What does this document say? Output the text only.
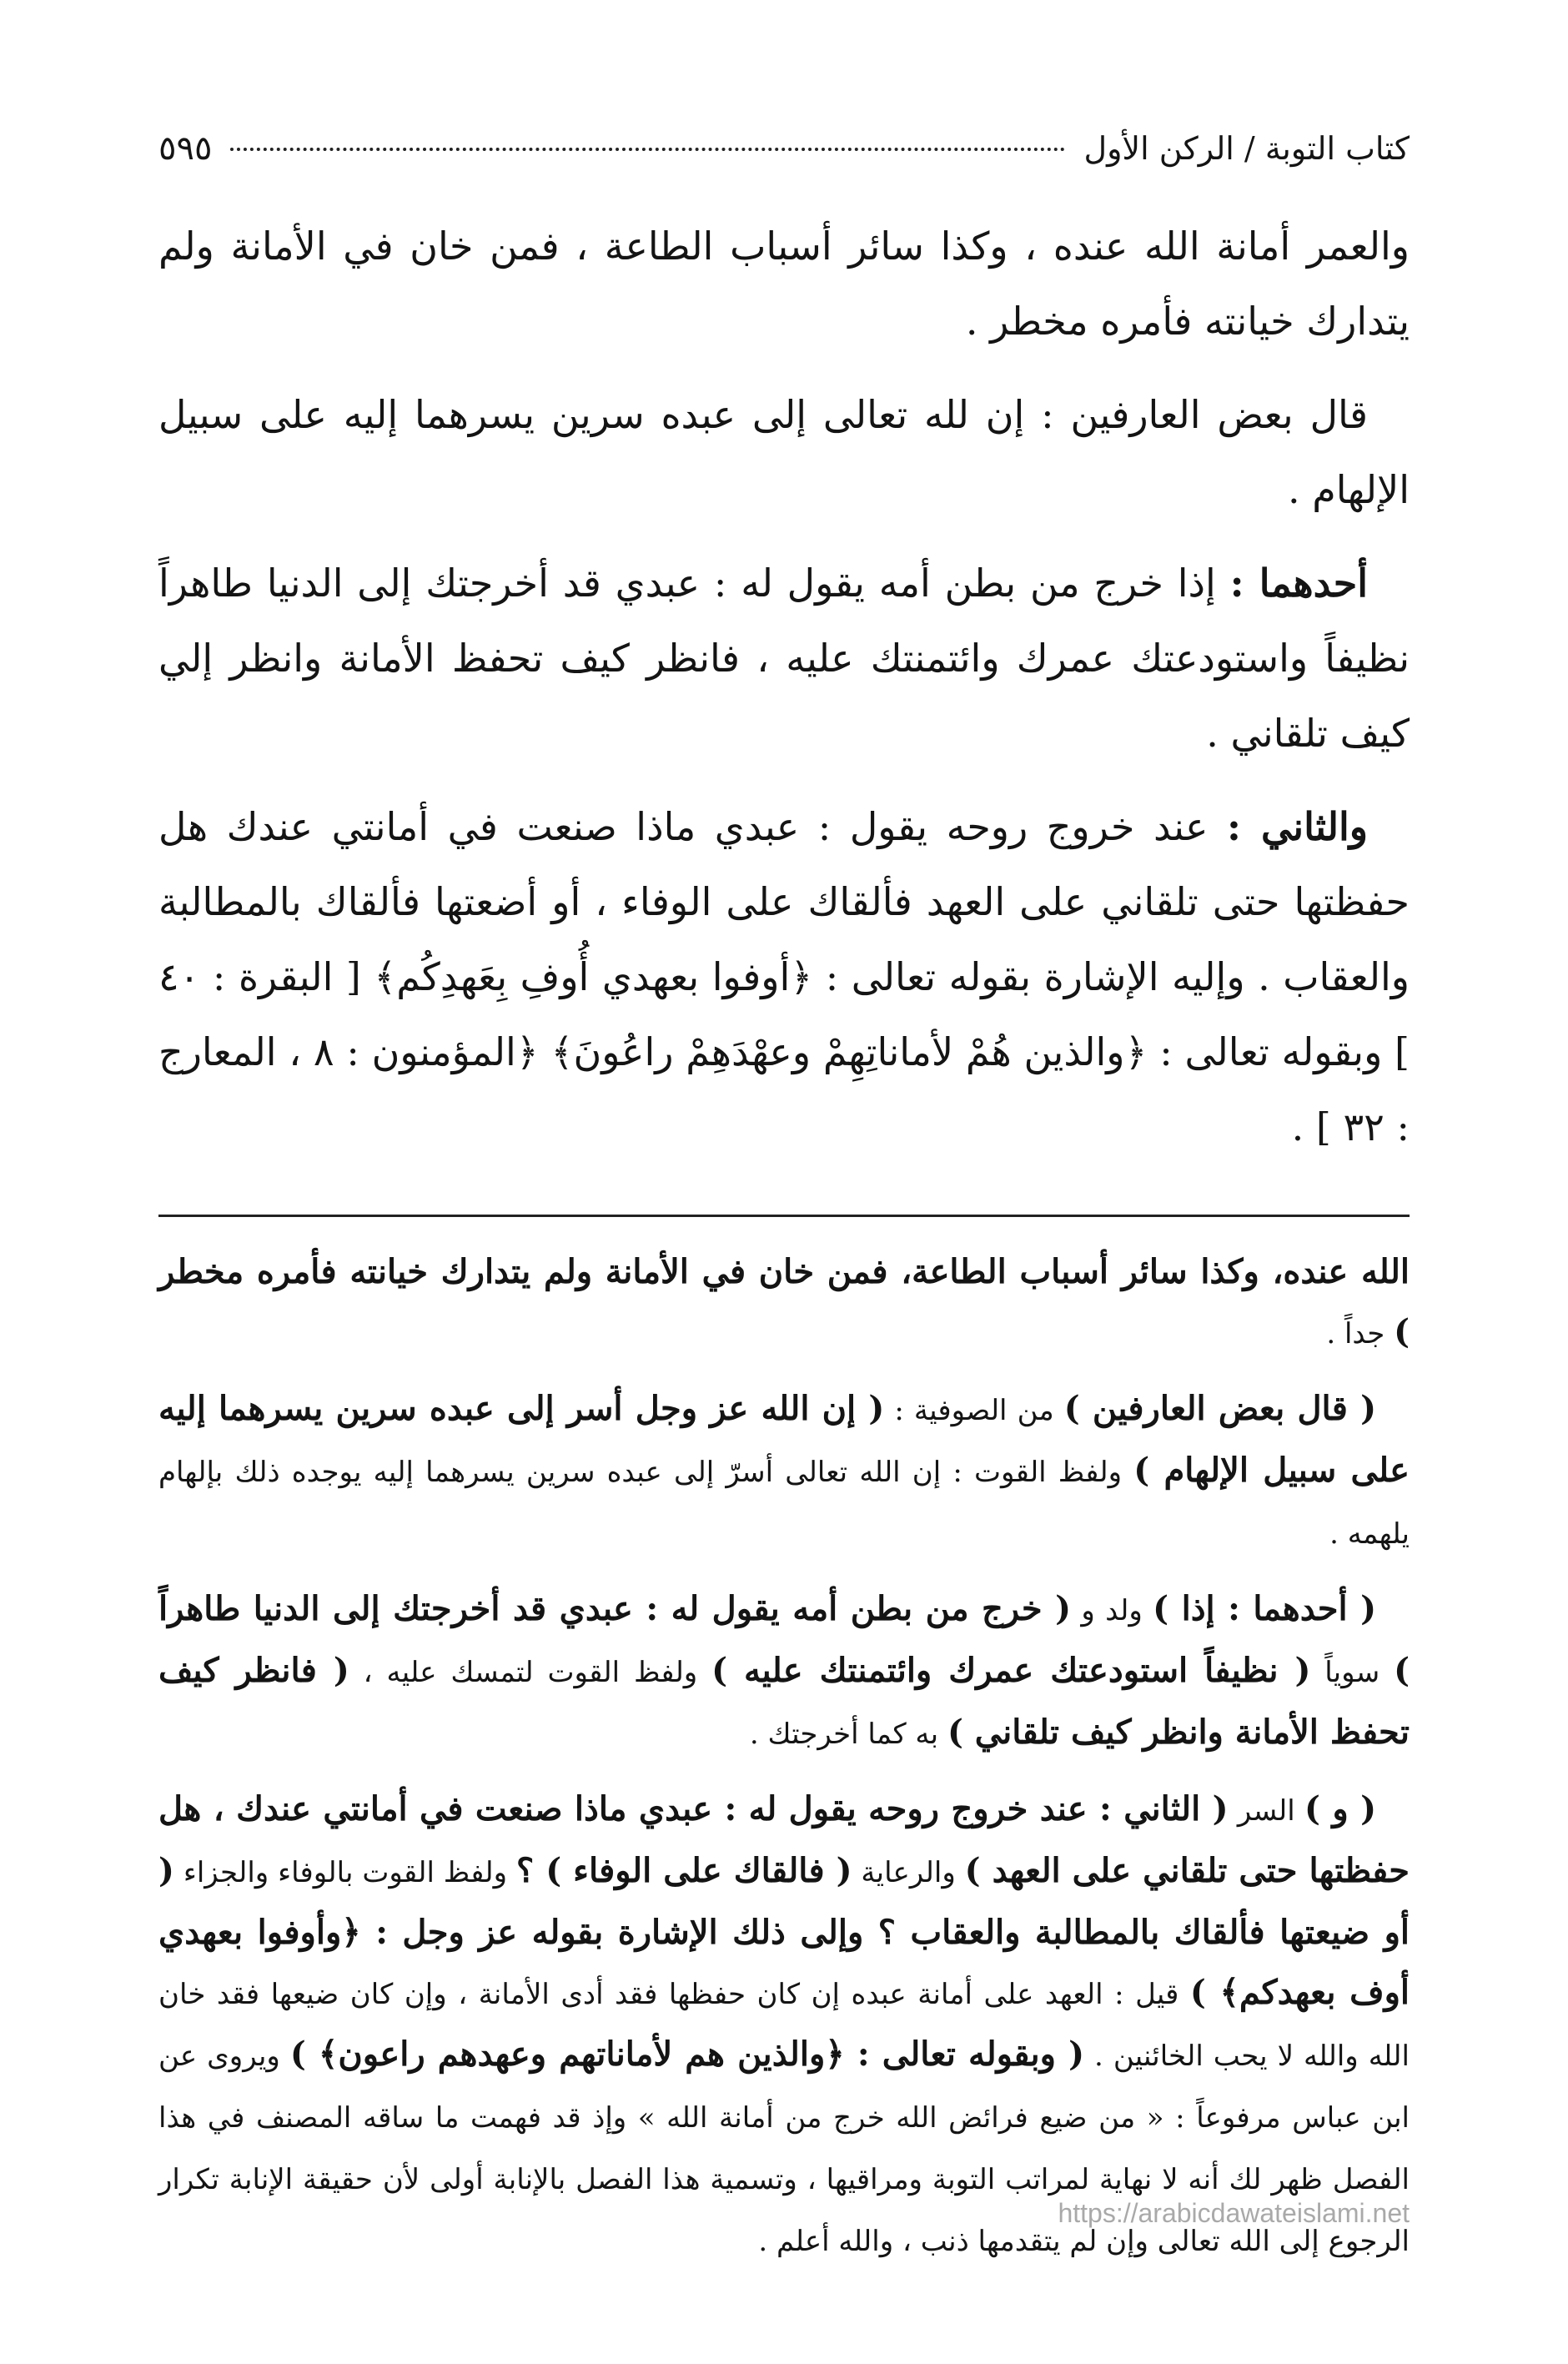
كتاب التوبة / الركن الأول
٥٩٥

والعمر أمانة الله عنده ، وكذا سائر أسباب الطاعة ، فمن خان في الأمانة ولم يتدارك خيانته فأمره مخطر .

قال بعض العارفين : إن لله تعالى إلى عبده سرين يسرهما إليه على سبيل الإلهام .

أحدهما : إذا خرج من بطن أمه يقول له : عبدي قد أخرجتك إلى الدنيا طاهراً نظيفاً واستودعتك عمرك وائتمنتك عليه ، فانظر كيف تحفظ الأمانة وانظر إلي كيف تلقاني .

والثاني : عند خروج روحه يقول : عبدي ماذا صنعت في أمانتي عندك هل حفظتها حتى تلقاني على العهد فألقاك على الوفاء ، أو أضعتها فألقاك بالمطالبة والعقاب . وإليه الإشارة بقوله تعالى : ﴿أوفوا بعهدي أُوفِ بِعَهدِكُم﴾ [ البقرة : ٤٠ ] وبقوله تعالى : ﴿والذين هُمْ لأماناتِهِمْ وعهْدَهِمْ راعُونَ﴾ ﴿المؤمنون : ٨ ، المعارج : ٣٢ ] .

الله عنده، وكذا سائر أسباب الطاعة، فمن خان في الأمانة ولم يتدارك خيانته فأمره مخطر ) جداً .

( قال بعض العارفين ) من الصوفية : ( إن الله عز وجل أسر إلى عبده سرين يسرهما إليه على سبيل الإلهام ) ولفظ القوت : إن الله تعالى أسرّ إلى عبده سرين يسرهما إليه يوجده ذلك بإلهام يلهمه .

( أحدهما : إذا ) ولد و ( خرج من بطن أمه يقول له : عبدي قد أخرجتك إلى الدنيا طاهراً ) سوياً ( نظيفاً استودعتك عمرك وائتمنتك عليه ) ولفظ القوت لتمسك عليه ، ( فانظر كيف تحفظ الأمانة وانظر كيف تلقاني ) به كما أخرجتك .

( و ) السر ( الثاني : عند خروج روحه يقول له : عبدي ماذا صنعت في أمانتي عندك ، هل حفظتها حتى تلقاني على العهد ) والرعاية ( فالقاك على الوفاء ) ؟ ولفظ القوت بالوفاء والجزاء ( أو ضيعتها فألقاك بالمطالبة والعقاب ؟ وإلى ذلك الإشارة بقوله عز وجل : ﴿وأوفوا بعهدي أوف بعهدكم﴾ ) قيل : العهد على أمانة عبده إن كان حفظها فقد أدى الأمانة ، وإن كان ضيعها فقد خان الله والله لا يحب الخائنين . ( وبقوله تعالى : ﴿والذين هم لأماناتهم وعهدهم راعون﴾ ) ويروى عن ابن عباس مرفوعاً : « من ضيع فرائض الله خرج من أمانة الله » وإذ قد فهمت ما ساقه المصنف في هذا الفصل ظهر لك أنه لا نهاية لمراتب التوبة ومراقيها ، وتسمية هذا الفصل بالإنابة أولى لأن حقيقة الإنابة تكرار الرجوع إلى الله تعالى وإن لم يتقدمها ذنب ، والله أعلم .

https://arabicdawateislami.net
